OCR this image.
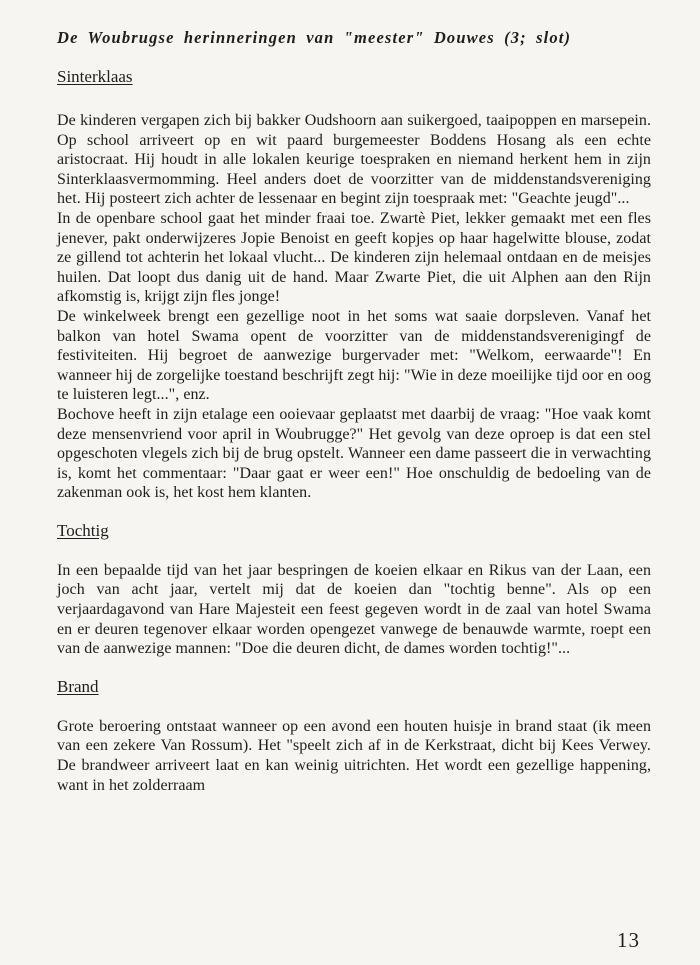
De Woubrugse herinneringen van "meester" Douwes (3; slot)

Sinterklaas

De kinderen vergapen zich bij bakker Oudshoorn aan suikergoed, taaipoppen en marsepein. Op school arriveert op en wit paard burgemeester Boddens Hosang als een echte aristocraat. Hij houdt in alle lokalen keurige toespraken en niemand herkent hem in zijn Sinterklaasvermomming. Heel anders doet de voorzitter van de middenstandsvereniging het. Hij posteert zich achter de lessenaar en begint zijn toespraak met: "Geachte jeugd"...

In de openbare school gaat het minder fraai toe. Zwartè Piet, lekker gemaakt met een fles jenever, pakt onderwijzeres Jopie Benoist en geeft kopjes op haar hagelwitte blouse, zodat ze gillend tot achterin het lokaal vlucht... De kinderen zijn helemaal ontdaan en de meisjes huilen. Dat loopt dus danig uit de hand. Maar Zwarte Piet, die uit Alphen aan den Rijn afkomstig is, krijgt zijn fles jonge!

De winkelweek brengt een gezellige noot in het soms wat saaie dorpsleven. Vanaf het balkon van hotel Swama opent de voorzitter van de middenstandsverenigingf de festiviteiten. Hij begroet de aanwezige burgervader met: "Welkom, eerwaarde"! En wanneer hij de zorgelijke toestand beschrijft zegt hij: "Wie in deze moeilijke tijd oor en oog te luisteren legt...", enz.

Bochove heeft in zijn etalage een ooievaar geplaatst met daarbij de vraag: "Hoe vaak komt deze mensenvriend voor april in Woubrugge?" Het gevolg van deze oproep is dat een stel opgeschoten vlegels zich bij de brug opstelt. Wanneer een dame passeert die in verwachting is, komt het commentaar: "Daar gaat er weer een!" Hoe onschuldig de bedoeling van de zakenman ook is, het kost hem klanten.

Tochtig

In een bepaalde tijd van het jaar bespringen de koeien elkaar en Rikus van der Laan, een joch van acht jaar, vertelt mij dat de koeien dan "tochtig benne". Als op een verjaardagavond van Hare Majesteit een feest gegeven wordt in de zaal van hotel Swama en er deuren tegenover elkaar worden opengezet vanwege de benauwde warmte, roept een van de aanwezige mannen: "Doe die deuren dicht, de dames worden tochtig!"...

Brand

Grote beroering ontstaat wanneer op een avond een houten huisje in brand staat (ik meen van een zekere Van Rossum). Het "speelt zich af in de Kerkstraat, dicht bij Kees Verwey. De brandweer arriveert laat en kan weinig uitrichten. Het wordt een gezellige happening, want in het zolderraam

13
